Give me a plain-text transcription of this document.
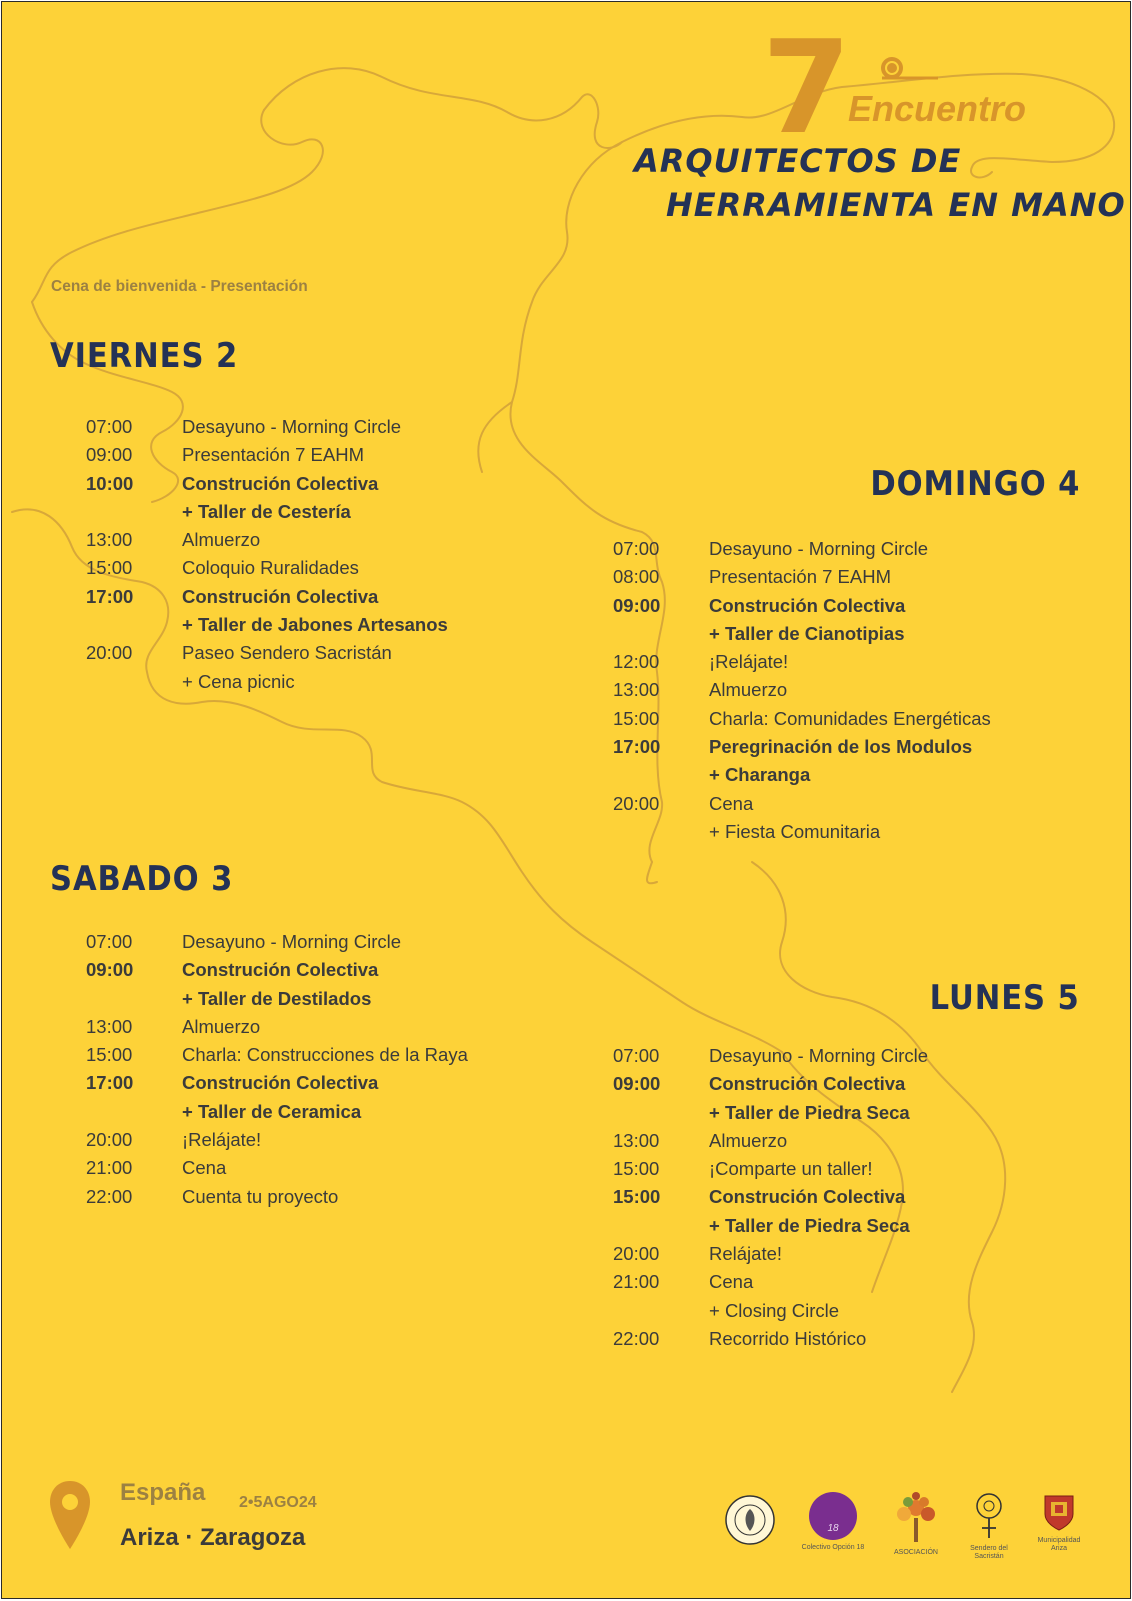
7
Encuentro
ARQUITECTOS DE
HERRAMIENTA EN MANO
Cena de bienvenida - Presentación
VIERNES 2
07:00	Desayuno - Morning Circle
09:00	Presentación 7 EAHM
10:00	Construción Colectiva
+ Taller de Cestería
13:00	Almuerzo
15:00	Coloquio Ruralidades
17:00	Construción Colectiva
+ Taller de Jabones Artesanos
20:00	Paseo Sendero Sacristán
+ Cena picnic
SABADO 3
07:00	Desayuno - Morning Circle
09:00	Construción Colectiva
+ Taller de Destilados
13:00	Almuerzo
15:00	Charla: Construcciones de la Raya
17:00	Construción Colectiva
+ Taller de Ceramica
20:00	¡Relájate!
21:00	Cena
22:00	Cuenta tu proyecto
DOMINGO 4
07:00	Desayuno - Morning Circle
08:00	Presentación 7 EAHM
09:00	Construción Colectiva
+ Taller de Cianotipias
12:00	¡Relájate!
13:00	Almuerzo
15:00	Charla: Comunidades Energéticas
17:00	Peregrinación de los Modulos
+ Charanga
20:00	Cena
+ Fiesta Comunitaria
LUNES 5
07:00	Desayuno - Morning Circle
09:00	Construción Colectiva
+ Taller de Piedra Seca
13:00	Almuerzo
15:00	¡Comparte un taller!
15:00	Construción Colectiva
+ Taller de Piedra Seca
20:00	Relájate!
21:00	Cena
+ Closing Circle
22:00	Recorrido Histórico
España 2•5AGO24
Ariza · Zaragoza	18
Colectivo Opción 18
ASOCIACIÓN
Sendero del Sacristán
Municipalidad
Ariza
